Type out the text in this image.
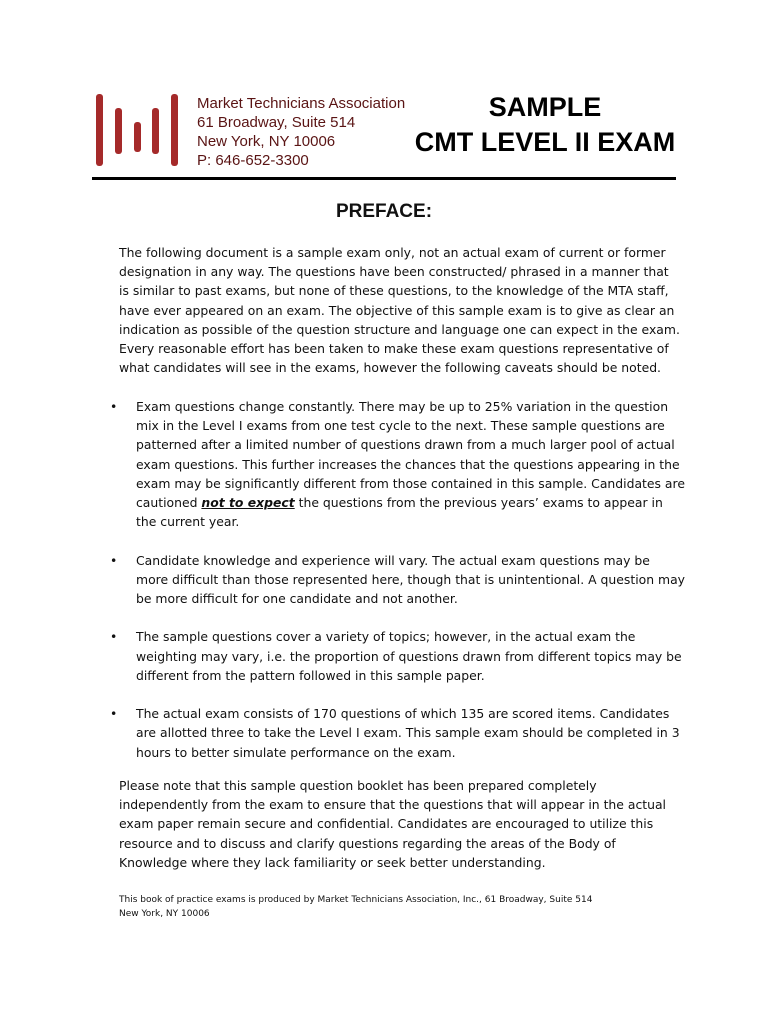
Market Technicians Association
61 Broadway, Suite 514
New York, NY 10006
P: 646-652-3300
SAMPLE
CMT LEVEL II EXAM
PREFACE:
The following document is a sample exam only, not an actual exam of current or former designation in any way. The questions have been constructed/ phrased in a manner that is similar to past exams, but none of these questions, to the knowledge of the MTA staff, have ever appeared on an exam. The objective of this sample exam is to give as clear an indication as possible of the question structure and language one can expect in the exam. Every reasonable effort has been taken to make these exam questions representative of what candidates will see in the exams, however the following caveats should be noted.
• Exam questions change constantly. There may be up to 25% variation in the question mix in the Level I exams from one test cycle to the next. These sample questions are patterned after a limited number of questions drawn from a much larger pool of actual exam questions. This further increases the chances that the questions appearing in the exam may be significantly different from those contained in this sample. Candidates are cautioned not to expect the questions from the previous years’ exams to appear in the current year.
• Candidate knowledge and experience will vary. The actual exam questions may be more difficult than those represented here, though that is unintentional. A question may be more difficult for one candidate and not another.
• The sample questions cover a variety of topics; however, in the actual exam the weighting may vary, i.e. the proportion of questions drawn from different topics may be different from the pattern followed in this sample paper.
• The actual exam consists of 170 questions of which 135 are scored items. Candidates are allotted three to take the Level I exam. This sample exam should be completed in 3 hours to better simulate performance on the exam.
Please note that this sample question booklet has been prepared completely independently from the exam to ensure that the questions that will appear in the actual exam paper remain secure and confidential. Candidates are encouraged to utilize this resource and to discuss and clarify questions regarding the areas of the Body of Knowledge where they lack familiarity or seek better understanding.
This book of practice exams is produced by Market Technicians Association, Inc., 61 Broadway, Suite 514
New York, NY 10006
